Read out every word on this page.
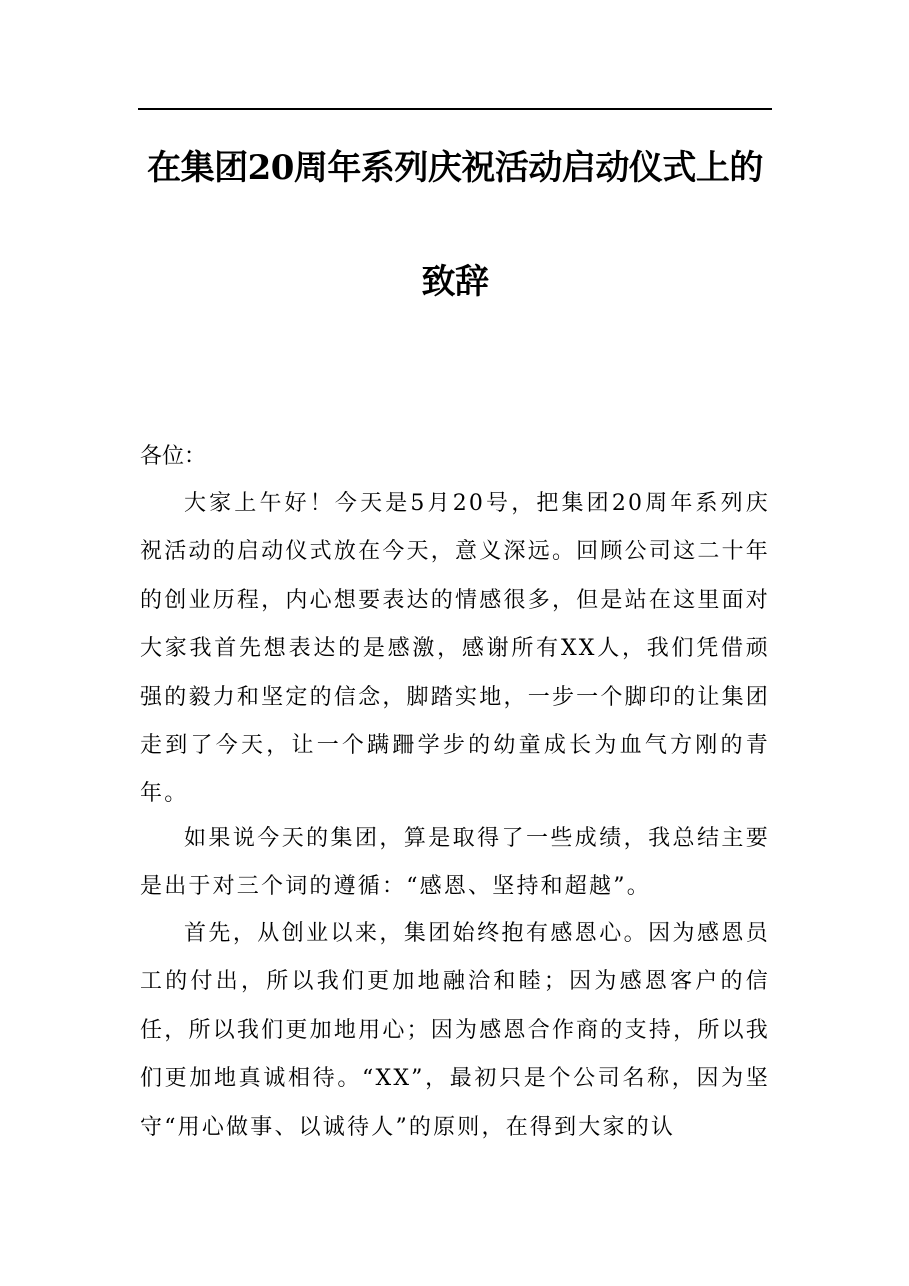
在集团20周年系列庆祝活动启动仪式上的
致辞
各位：

大家上午好！今天是5月20号，把集团20周年系列庆祝活动的启动仪式放在今天，意义深远。回顾公司这二十年的创业历程，内心想要表达的情感很多，但是站在这里面对大家我首先想表达的是感激，感谢所有XX人，我们凭借顽强的毅力和坚定的信念，脚踏实地，一步一个脚印的让集团走到了今天，让一个蹒跚学步的幼童成长为血气方刚的青年。

如果说今天的集团，算是取得了一些成绩，我总结主要是出于对三个词的遵循：“感恩、坚持和超越”。

首先，从创业以来，集团始终抱有感恩心。因为感恩员工的付出，所以我们更加地融洽和睦；因为感恩客户的信任，所以我们更加地用心；因为感恩合作商的支持，所以我们更加地真诚相待。“XX”，最初只是个公司名称，因为坚守“用心做事、以诚待人”的原则，在得到大家的认
